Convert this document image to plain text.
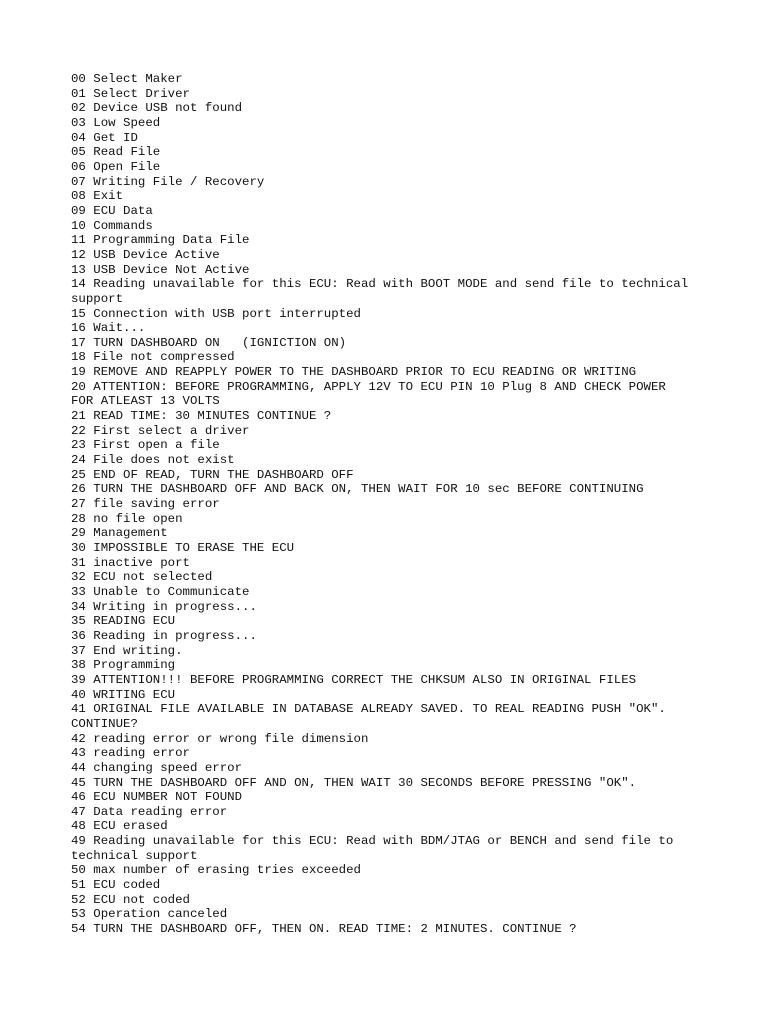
00 Select Maker
01 Select Driver
02 Device USB not found
03 Low Speed
04 Get ID
05 Read File
06 Open File
07 Writing File / Recovery
08 Exit
09 ECU Data
10 Commands
11 Programming Data File
12 USB Device Active
13 USB Device Not Active
14 Reading unavailable for this ECU: Read with BOOT MODE and send file to technical
support
15 Connection with USB port interrupted
16 Wait...
17 TURN DASHBOARD ON   (IGNICTION ON)
18 File not compressed
19 REMOVE AND REAPPLY POWER TO THE DASHBOARD PRIOR TO ECU READING OR WRITING
20 ATTENTION: BEFORE PROGRAMMING, APPLY 12V TO ECU PIN 10 Plug 8 AND CHECK POWER
FOR ATLEAST 13 VOLTS
21 READ TIME: 30 MINUTES CONTINUE ?
22 First select a driver
23 First open a file
24 File does not exist
25 END OF READ, TURN THE DASHBOARD OFF
26 TURN THE DASHBOARD OFF AND BACK ON, THEN WAIT FOR 10 sec BEFORE CONTINUING
27 file saving error
28 no file open
29 Management
30 IMPOSSIBLE TO ERASE THE ECU
31 inactive port
32 ECU not selected
33 Unable to Communicate
34 Writing in progress...
35 READING ECU
36 Reading in progress...
37 End writing.
38 Programming
39 ATTENTION!!! BEFORE PROGRAMMING CORRECT THE CHKSUM ALSO IN ORIGINAL FILES
40 WRITING ECU
41 ORIGINAL FILE AVAILABLE IN DATABASE ALREADY SAVED. TO REAL READING PUSH "OK".
CONTINUE?
42 reading error or wrong file dimension
43 reading error
44 changing speed error
45 TURN THE DASHBOARD OFF AND ON, THEN WAIT 30 SECONDS BEFORE PRESSING "OK".
46 ECU NUMBER NOT FOUND
47 Data reading error
48 ECU erased
49 Reading unavailable for this ECU: Read with BDM/JTAG or BENCH and send file to
technical support
50 max number of erasing tries exceeded
51 ECU coded
52 ECU not coded
53 Operation canceled
54 TURN THE DASHBOARD OFF, THEN ON. READ TIME: 2 MINUTES. CONTINUE ?
